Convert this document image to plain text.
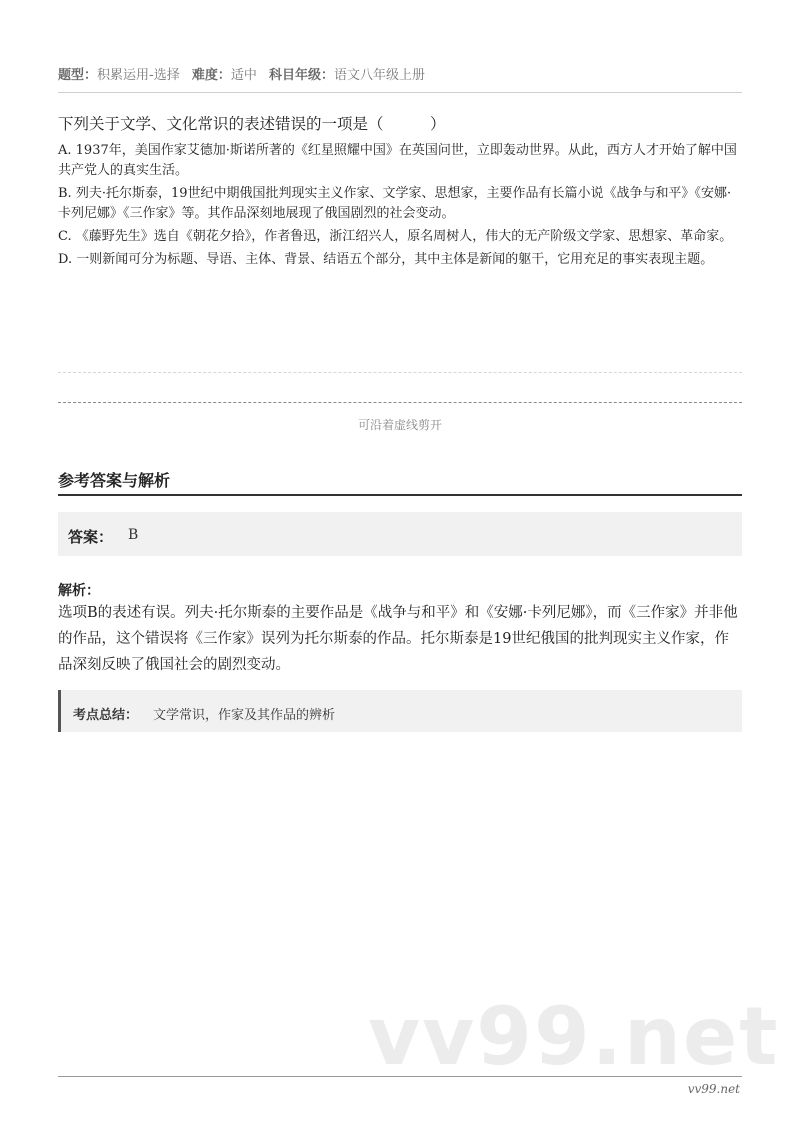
题型：积累运用-选择 难度：适中 科目年级：语文八年级上册
下列关于文学、文化常识的表述错误的一项是（　　　）
A. 1937年，美国作家艾德加·斯诺所著的《红星照耀中国》在英国问世，立即轰动世界。从此，西方人才开始了解中国共产党人的真实生活。
B. 列夫·托尔斯泰，19世纪中期俄国批判现实主义作家、文学家、思想家，主要作品有长篇小说《战争与和平》《安娜·卡列尼娜》《三作家》等。其作品深刻地展现了俄国剧烈的社会变动。
C. 《藤野先生》选自《朝花夕拾》，作者鲁迅，浙江绍兴人，原名周树人，伟大的无产阶级文学家、思想家、革命家。
D. 一则新闻可分为标题、导语、主体、背景、结语五个部分，其中主体是新闻的躯干，它用充足的事实表现主题。
可沿着虚线剪开
参考答案与解析
答案： B
解析：
选项B的表述有误。列夫·托尔斯泰的主要作品是《战争与和平》和《安娜·卡列尼娜》，而《三作家》并非他的作品，这个错误将《三作家》误列为托尔斯泰的作品。托尔斯泰是19世纪俄国的批判现实主义作家，作品深刻反映了俄国社会的剧烈变动。
考点总结： 文学常识，作家及其作品的辨析
vv99.net
vv99.net
